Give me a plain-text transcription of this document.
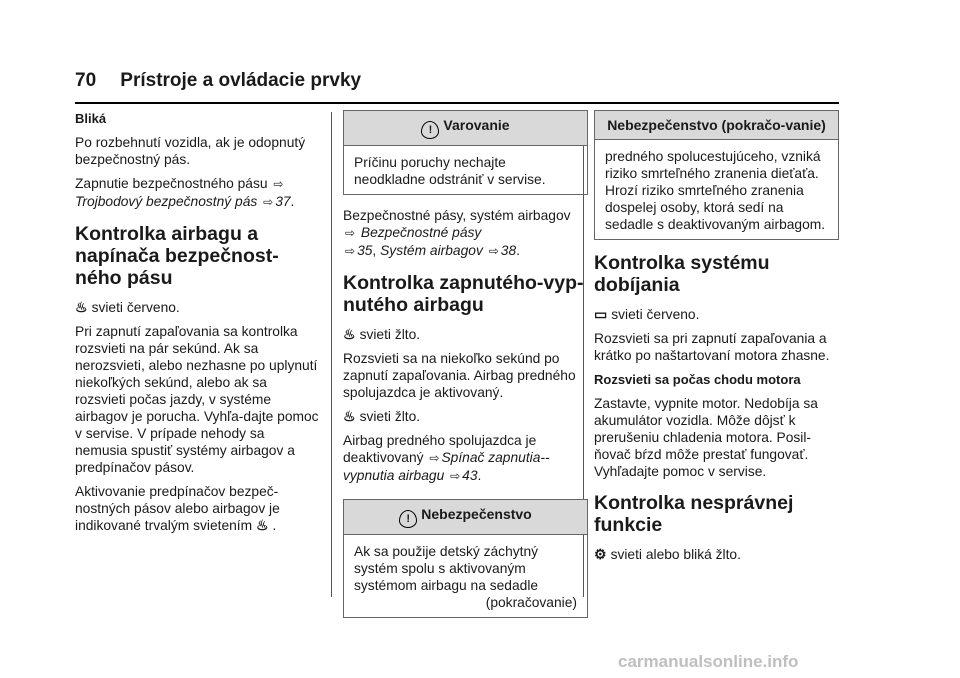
70 Prístroje a ovládacie prvky

Bliká

Po rozbehnutí vozidla, ak je odopnutý bezpečnostný pás.

Zapnutie bezpečnostného pásu ⇨
Trojbodový bezpečnostný pás ⇨ 37.

Kontrolka airbagu a napínača bezpečnost-ného pásu

♨ svieti červeno.

Pri zapnutí zapaľovania sa kontrolka rozsvieti na pár sekúnd. Ak sa nerozsvieti, alebo nezhasne po uplynutí niekoľkých sekúnd, alebo ak sa rozsvieti počas jazdy, v systéme airbagov je porucha. Vyhľa-dajte pomoc v servise. V prípade nehody sa nemusia spustiť systémy airbagov a predpínačov pásov.

Aktivovanie predpínačov bezpeč-nostných pásov alebo airbagov je indikované trvalým svietením ♨ .

! Varovanie
Príčinu poruchy nechajte neodkladne odstrániť v servise.

Bezpečnostné pásy, systém airbagov ⇨ Bezpečnostné pásy
⇨ 35, Systém airbagov ⇨ 38.

Kontrolka zapnutého-vyp-nutého airbagu

♨ svieti žlto.

Rozsvieti sa na niekoľko sekúnd po zapnutí zapaľovania. Airbag predného spolujazdca je aktivovaný.

♨ svieti žlto.

Airbag predného spolujazdca je deaktivovaný ⇨ Spínač zapnutia-- vypnutia airbagu ⇨ 43.

! Nebezpečenstvo
Ak sa použije detský záchytný systém spolu s aktivovaným systémom airbagu na sedadle
(pokračovanie)
Nebezpečenstvo (pokračo-vanie)
predného spolucestujúceho, vzniká riziko smrteľného zranenia dieťaťa. Hrozí riziko smrteľného zranenia dospelej osoby, ktorá sedí na sedadle s deaktivovaným airbagom.
Kontrolka systému dobíjania

▭ svieti červeno.

Rozsvieti sa pri zapnutí zapaľovania a krátko po naštartovaní motora zhasne.

Rozsvieti sa počas chodu motora

Zastavte, vypnite motor. Nedobíja sa akumulátor vozidla. Môže dôjsť k prerušeniu chladenia motora. Posil-ňovač bŕzd môže prestať fungovať. Vyhľadajte pomoc v servise.

Kontrolka nesprávnej funkcie

⚙ svieti alebo bliká žlto.

carmanualsonline.info
